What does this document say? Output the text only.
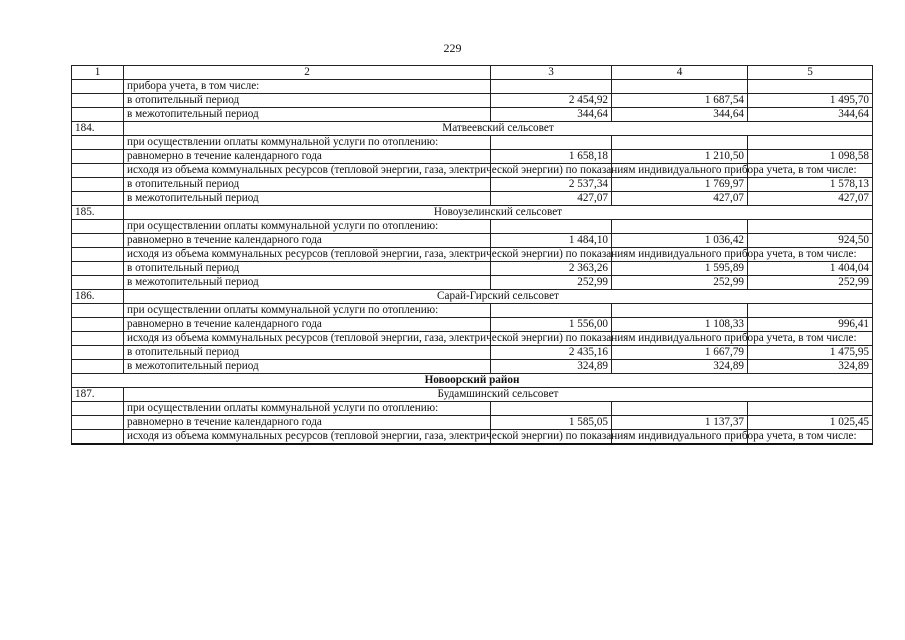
229
1	2	3	4	5
	прибора учета, в том числе:			
	в отопительный период	2 454,92	1 687,54	1 495,70
	в межотопительный период	344,64	344,64	344,64
184.	Матвеевский сельсовет			
	при осуществлении оплаты коммунальной услуги по отоплению:			
	равномерно в течение календарного года	1 658,18	1 210,50	1 098,58
	исходя из объема коммунальных ресурсов (тепловой энергии, газа, электрической энергии) по показаниям индивидуального прибора учета, в том числе:			
	в отопительный период	2 537,34	1 769,97	1 578,13
	в межотопительный период	427,07	427,07	427,07
185.	Новоузелинский сельсовет			
	при осуществлении оплаты коммунальной услуги по отоплению:			
	равномерно в течение календарного года	1 484,10	1 036,42	924,50
	исходя из объема коммунальных ресурсов (тепловой энергии, газа, электрической энергии) по показаниям индивидуального прибора учета, в том числе:			
	в отопительный период	2 363,26	1 595,89	1 404,04
	в межотопительный период	252,99	252,99	252,99
186.	Сарай-Гирский сельсовет			
	при осуществлении оплаты коммунальной услуги по отоплению:			
	равномерно в течение календарного года	1 556,00	1 108,33	996,41
	исходя из объема коммунальных ресурсов (тепловой энергии, газа, электрической энергии) по показаниям индивидуального прибора учета, в том числе:			
	в отопительный период	2 435,16	1 667,79	1 475,95
	в межотопительный период	324,89	324,89	324,89
Новоорский район				
187.	Будамшинский сельсовет			
	при осуществлении оплаты коммунальной услуги по отоплению:			
	равномерно в течение календарного года	1 585,05	1 137,37	1 025,45
	исходя из объема коммунальных ресурсов (тепловой энергии, газа, электрической энергии) по показаниям индивидуального прибора учета, в том числе:			
